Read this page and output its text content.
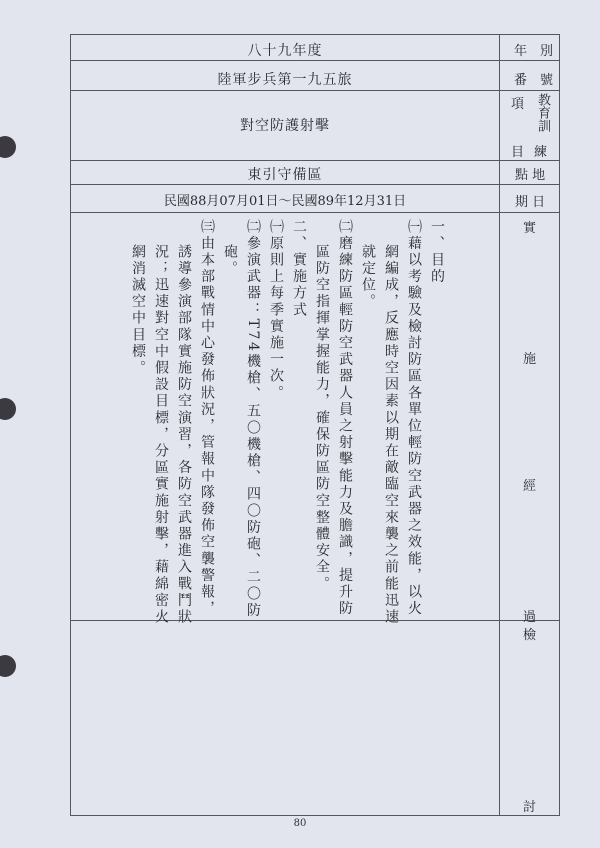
八十九年度
陸軍步兵第一九五旅
對空防護射擊
東引守備區
民國88月07月01日～民國89年12月31日
年　別
番　號
項 教育訓
目 練
點 地
期 日
實
施
經
過
檢
討
一、目的
㈠藉以考驗及檢討防區各單位輕防空武器之效能，以火
網編成，反應時空因素以期在敵臨空來襲之前能迅速
就定位。
㈡磨練防區輕防空武器人員之射擊能力及膽識，提升防
區防空指揮掌握能力，確保防區防空整體安全。
二、實施方式
㈠原則上每季實施一次。
㈡參演武器：T74機槍、五〇機槍、四〇防砲、二〇防
砲。
㈢由本部戰情中心發佈狀況，管報中隊發佈空襲警報，
誘導參演部隊實施防空演習，各防空武器進入戰鬥狀
況；迅速對空中假設目標，分區實施射擊，藉綿密火
網消滅空中目標。
80
